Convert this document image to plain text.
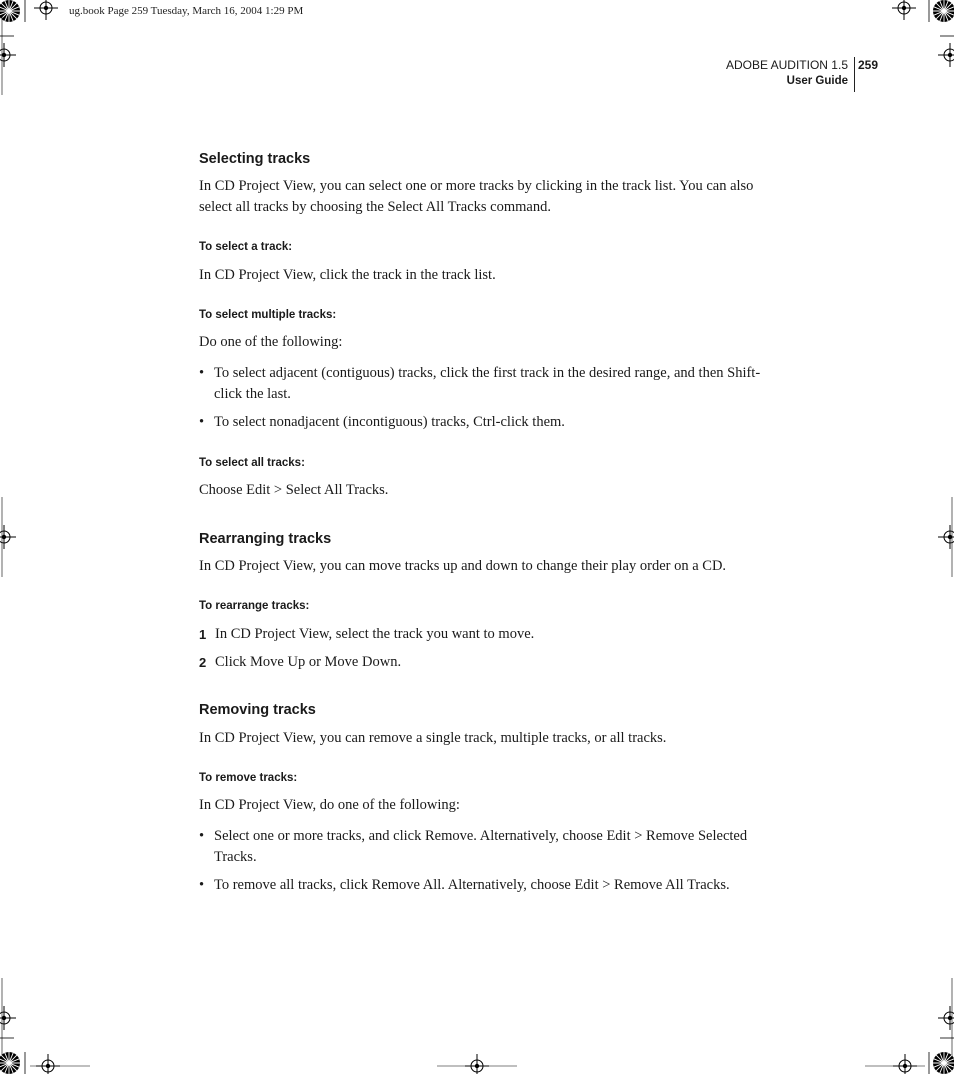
ug.book Page 259 Tuesday, March 16, 2004 1:29 PM
ADOBE AUDITION 1.5
User Guide
259
Selecting tracks

In CD Project View, you can select one or more tracks by clicking in the track list. You can also select all tracks by choosing the Select All Tracks command.

To select a track:

In CD Project View, click the track in the track list.

To select multiple tracks:

Do one of the following:

• To select adjacent (contiguous) tracks, click the first track in the desired range, and then Shift-click the last.
• To select nonadjacent (incontiguous) tracks, Ctrl-click them.
To select all tracks:

Choose Edit > Select All Tracks.

Rearranging tracks

In CD Project View, you can move tracks up and down to change their play order on a CD.

To rearrange tracks:
1 In CD Project View, select the track you want to move.
2 Click Move Up or Move Down.
Removing tracks

In CD Project View, you can remove a single track, multiple tracks, or all tracks.

To remove tracks:

In CD Project View, do one of the following:

• Select one or more tracks, and click Remove. Alternatively, choose Edit > Remove Selected Tracks.
• To remove all tracks, click Remove All. Alternatively, choose Edit > Remove All Tracks.
